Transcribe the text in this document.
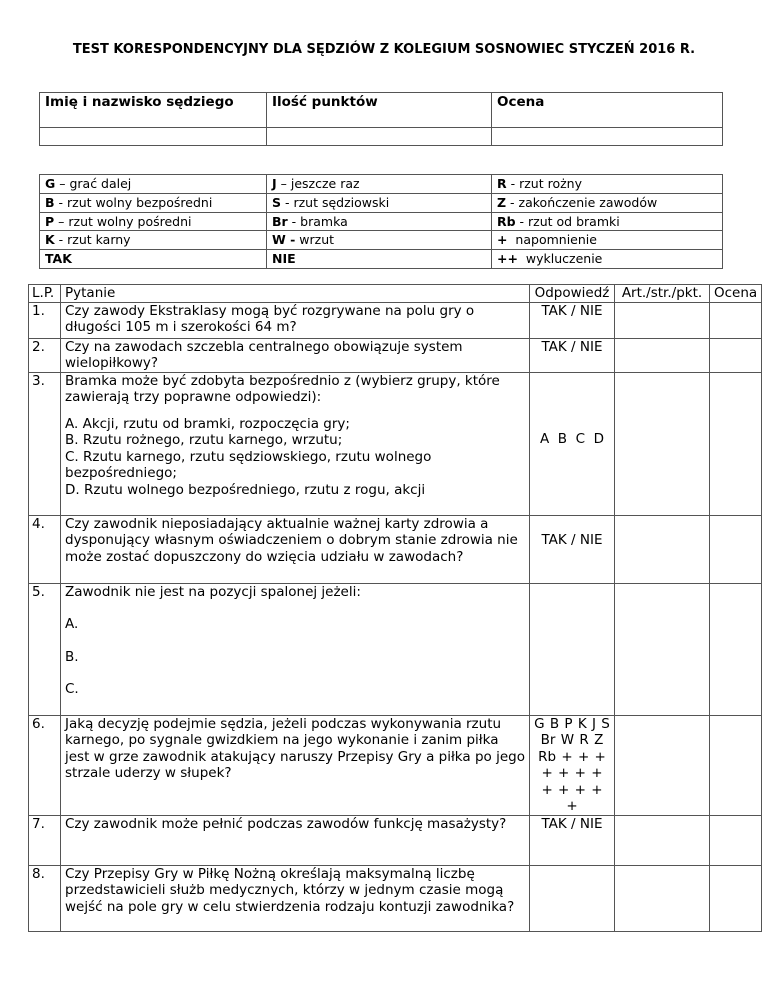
TEST KORESPONDENCYJNY DLA SĘDZIÓW Z KOLEGIUM SOSNOWIEC STYCZEŃ 2016 R.
Imię i nazwisko sędziego	Ilość punktów	Ocena

G – grać dalej	J – jeszcze raz	R - rzut rożny
B - rzut wolny bezpośredni	S - rzut sędziowski	Z - zakończenie zawodów
P – rzut wolny pośredni	Br - bramka	Rb - rzut od bramki
K - rzut karny	W - wrzut	+  napomnienie
TAK	NIE	++  wykluczenie
L.P.	Pytanie	Odpowiedź	Art./str./pkt.	Ocena
1.	Czy zawody Ekstraklasy mogą być rozgrywane na polu gry o długości 105 m i szerokości 64 m?	TAK / NIE		
2.	Czy na zawodach szczebla centralnego obowiązuje system wielopiłkowy?	TAK / NIE		
3.	Bramka może być zdobyta bezpośrednio z (wybierz grupy, które zawierają trzy poprawne odpowiedzi):
A. Akcji, rzutu od bramki, rozpoczęcia gry;
B. Rzutu rożnego, rzutu karnego, wrzutu;
C. Rzutu karnego, rzutu sędziowskiego, rzutu wolnego bezpośredniego;
D. Rzutu wolnego bezpośredniego, rzutu z rogu, akcji	A  B  C  D		
4.	Czy zawodnik nieposiadający aktualnie ważnej karty zdrowia a dysponujący własnym oświadczeniem o dobrym stanie zdrowia nie może zostać dopuszczony do wzięcia udziału w zawodach?	TAK / NIE		
5.	Zawodnik nie jest na pozycji spalonej jeżeli:
A.
B.
C.			

6.	Jaką decyzję podejmie sędzia, jeżeli podczas wykonywania rzutu karnego, po sygnale gwizdkiem na jego wykonanie i zanim piłka jest w grze zawodnik atakujący naruszy Przepisy Gry a piłka po jego strzale uderzy w słupek?	G B P K J S Br W R Z Rb + + + + + + + + + + + +		
7.	Czy zawodnik może pełnić podczas zawodów funkcję masażysty?	TAK / NIE		
8.	Czy Przepisy Gry w Piłkę Nożną określają maksymalną liczbę przedstawicieli służb medycznych, którzy w jednym czasie mogą wejść na pole gry w celu stwierdzenia rodzaju kontuzji zawodnika?			
